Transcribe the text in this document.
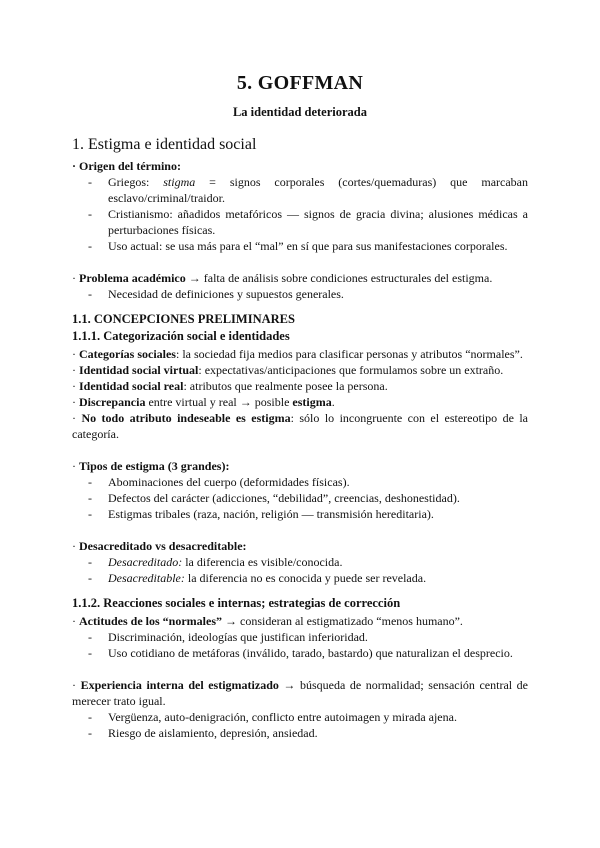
5. GOFFMAN
La identidad deteriorada
1. Estigma e identidad social

· Origen del término:

- Griegos: stigma = signos corporales (cortes/quemaduras) que marcaban esclavo/criminal/traidor.
- Cristianismo: añadidos metafóricos — signos de gracia divina; alusiones médicas a perturbaciones físicas.
- Uso actual: se usa más para el “mal” en sí que para sus manifestaciones corporales.

· Problema académico → falta de análisis sobre condiciones estructurales del estigma.

- Necesidad de definiciones y supuestos generales.
1.1. CONCEPCIONES PRELIMINARES
1.1.1. Categorización social e identidades

· Categorías sociales: la sociedad fija medios para clasificar personas y atributos “normales”.

· Identidad social virtual: expectativas/anticipaciones que formulamos sobre un extraño.

· Identidad social real: atributos que realmente posee la persona.

· Discrepancia entre virtual y real → posible estigma.

· No todo atributo indeseable es estigma: sólo lo incongruente con el estereotipo de la categoría.

· Tipos de estigma (3 grandes):

- Abominaciones del cuerpo (deformidades físicas).
- Defectos del carácter (adicciones, “debilidad”, creencias, deshonestidad).
- Estigmas tribales (raza, nación, religión — transmisión hereditaria).

· Desacreditado vs desacreditable:

- Desacreditado: la diferencia es visible/conocida.
- Desacreditable: la diferencia no es conocida y puede ser revelada.
1.1.2. Reacciones sociales e internas; estrategias de corrección

· Actitudes de los “normales” → consideran al estigmatizado “menos humano”.

- Discriminación, ideologías que justifican inferioridad.
- Uso cotidiano de metáforas (inválido, tarado, bastardo) que naturalizan el desprecio.

· Experiencia interna del estigmatizado → búsqueda de normalidad; sensación central de merecer trato igual.

- Vergüenza, auto-denigración, conflicto entre autoimagen y mirada ajena.
- Riesgo de aislamiento, depresión, ansiedad.
